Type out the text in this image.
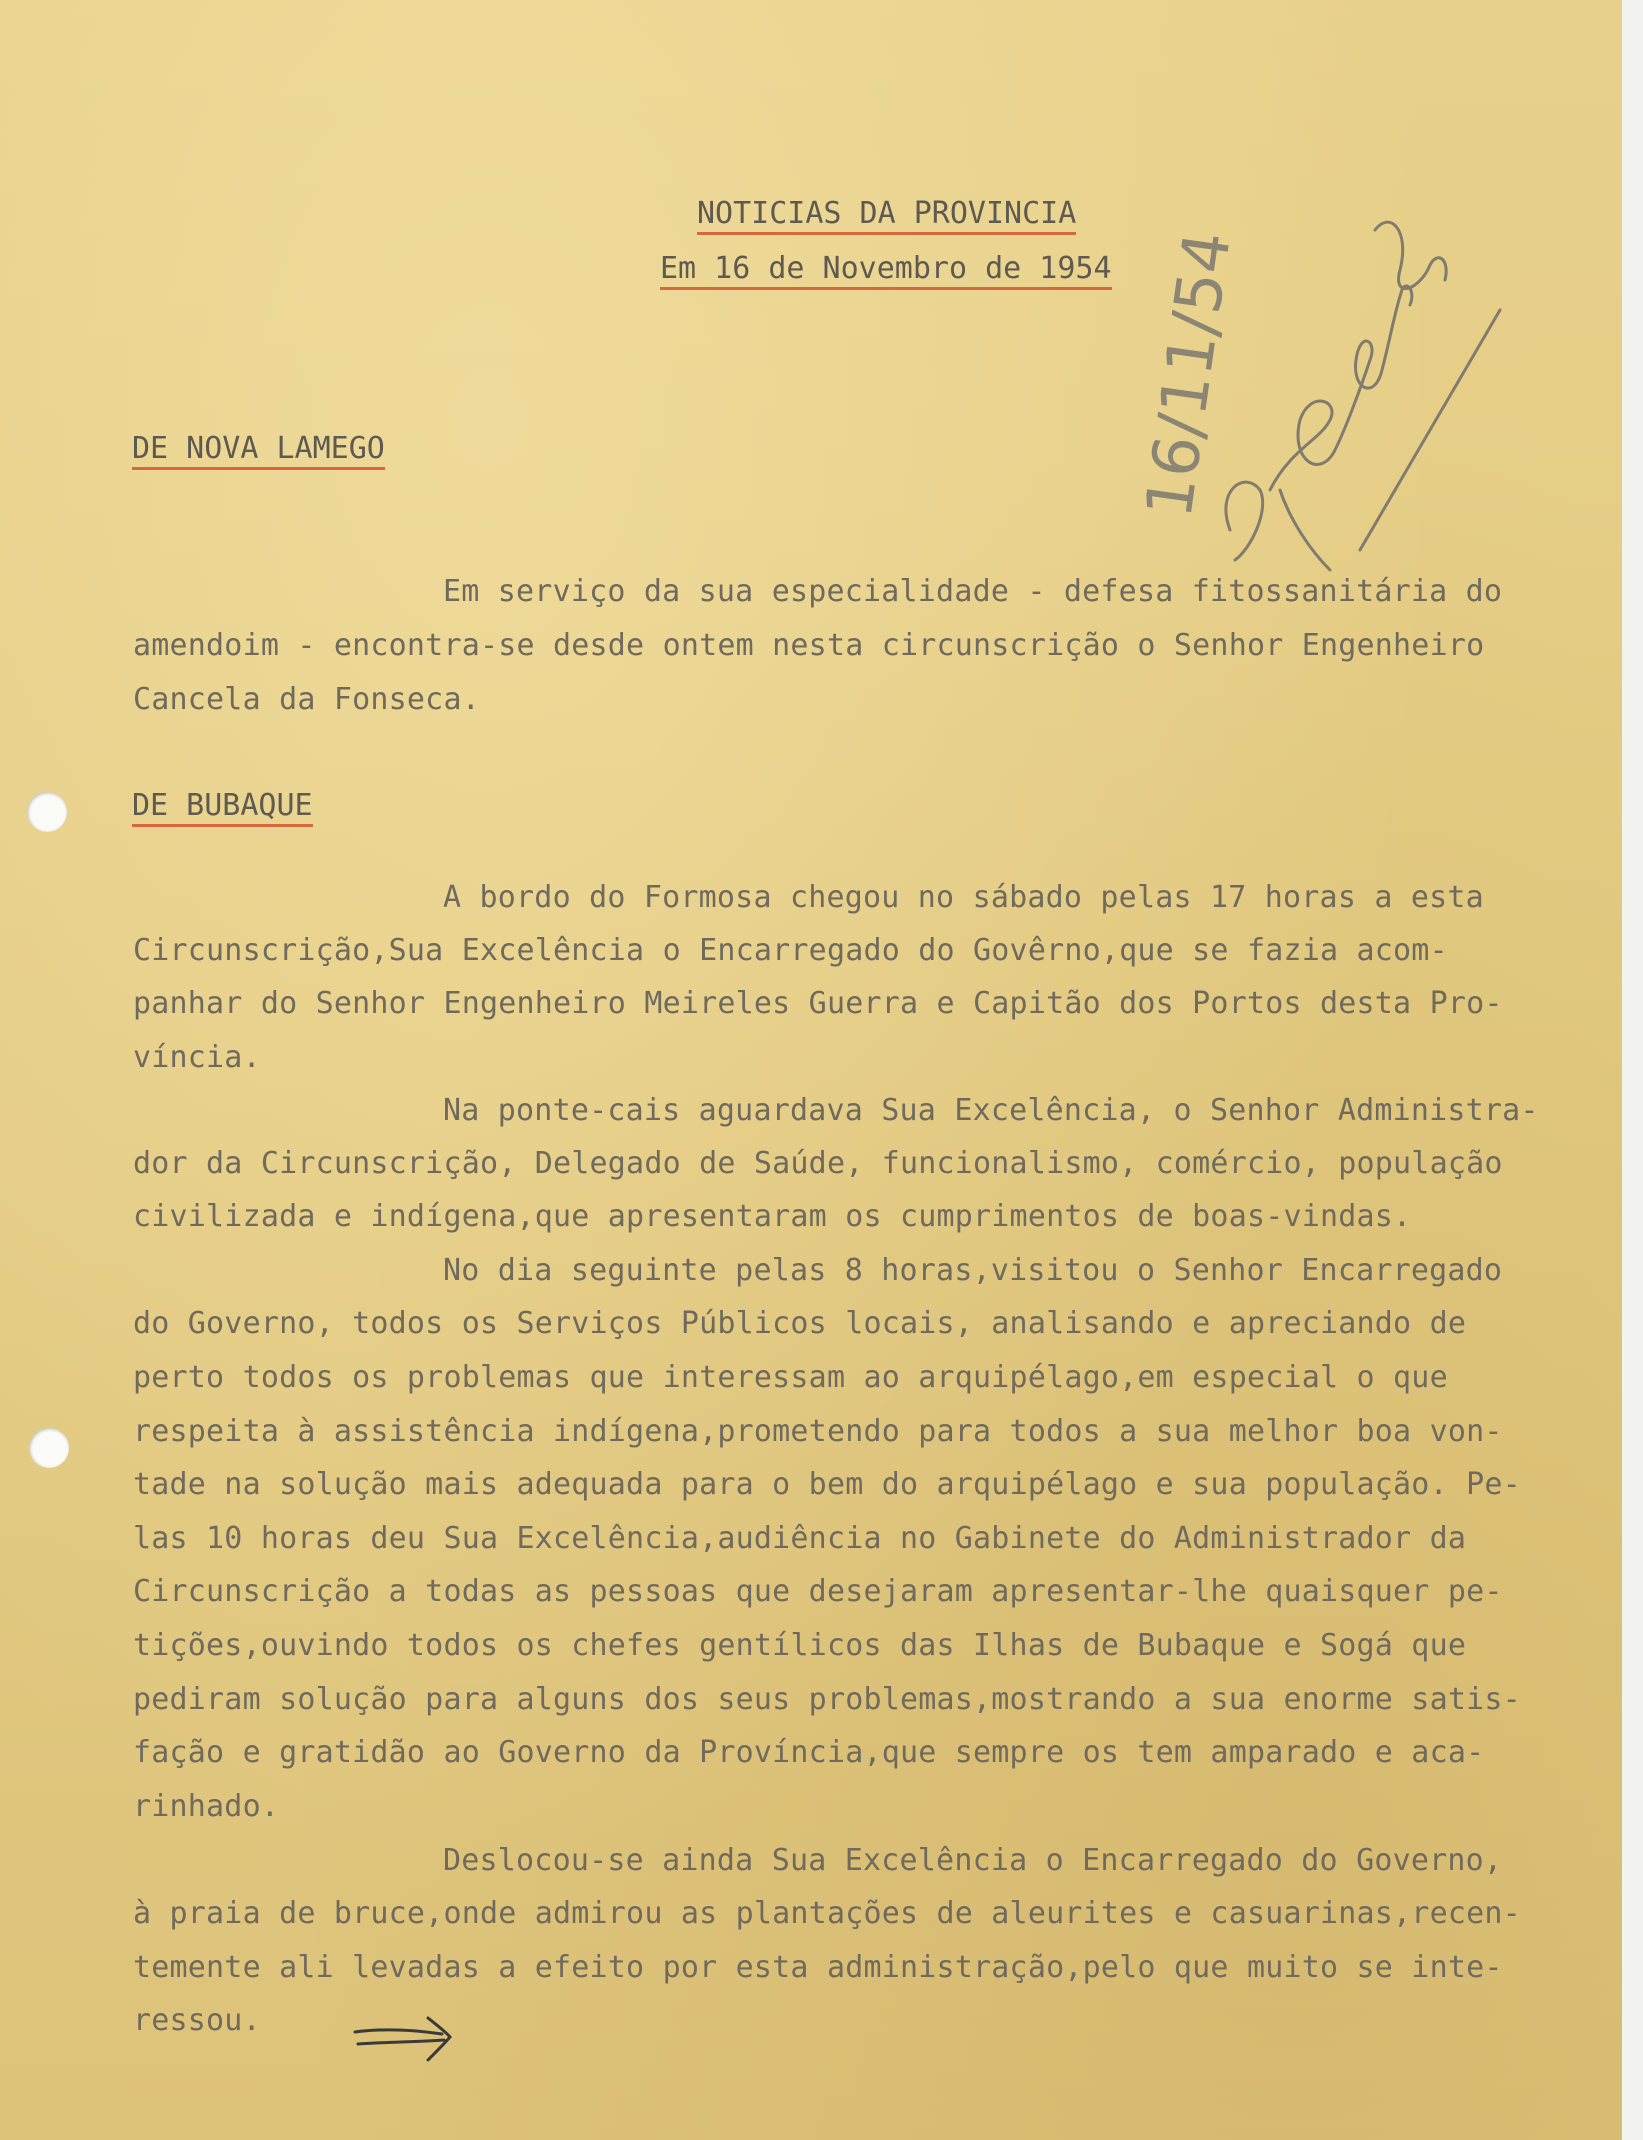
NOTICIAS DA PROVINCIA
Em 16 de Novembro de 1954 16/11/54
DE NOVA LAMEGO
Em serviço da sua especialidade - defesa fitossanitária do
amendoim - encontra-se desde ontem nesta circunscrição o Senhor Engenheiro
Cancela da Fonseca.
DE BUBAQUE
A bordo do Formosa chegou no sábado pelas 17 horas a esta
Circunscrição,Sua Excelência o Encarregado do Govêrno,que se fazia acom-
panhar do Senhor Engenheiro Meireles Guerra e Capitão dos Portos desta Pro-
víncia.
Na ponte-cais aguardava Sua Excelência, o Senhor Administra-
dor da Circunscrição, Delegado de Saúde, funcionalismo, comércio, população
civilizada e indígena,que apresentaram os cumprimentos de boas-vindas.
No dia seguinte pelas 8 horas,visitou o Senhor Encarregado
do Governo, todos os Serviços Públicos locais, analisando e apreciando de
perto todos os problemas que interessam ao arquipélago,em especial o que
respeita à assistência indígena,prometendo para todos a sua melhor boa von-
tade na solução mais adequada para o bem do arquipélago e sua população. Pe-
las 10 horas deu Sua Excelência,audiência no Gabinete do Administrador da
Circunscrição a todas as pessoas que desejaram apresentar-lhe quaisquer pe-
tições,ouvindo todos os chefes gentílicos das Ilhas de Bubaque e Sogá que
pediram solução para alguns dos seus problemas,mostrando a sua enorme satis-
fação e gratidão ao Governo da Província,que sempre os tem amparado e aca-
rinhado.
Deslocou-se ainda Sua Excelência o Encarregado do Governo,
à praia de bruce,onde admirou as plantações de aleurites e casuarinas,recen-
temente ali levadas a efeito por esta administração,pelo que muito se inte-
ressou.
